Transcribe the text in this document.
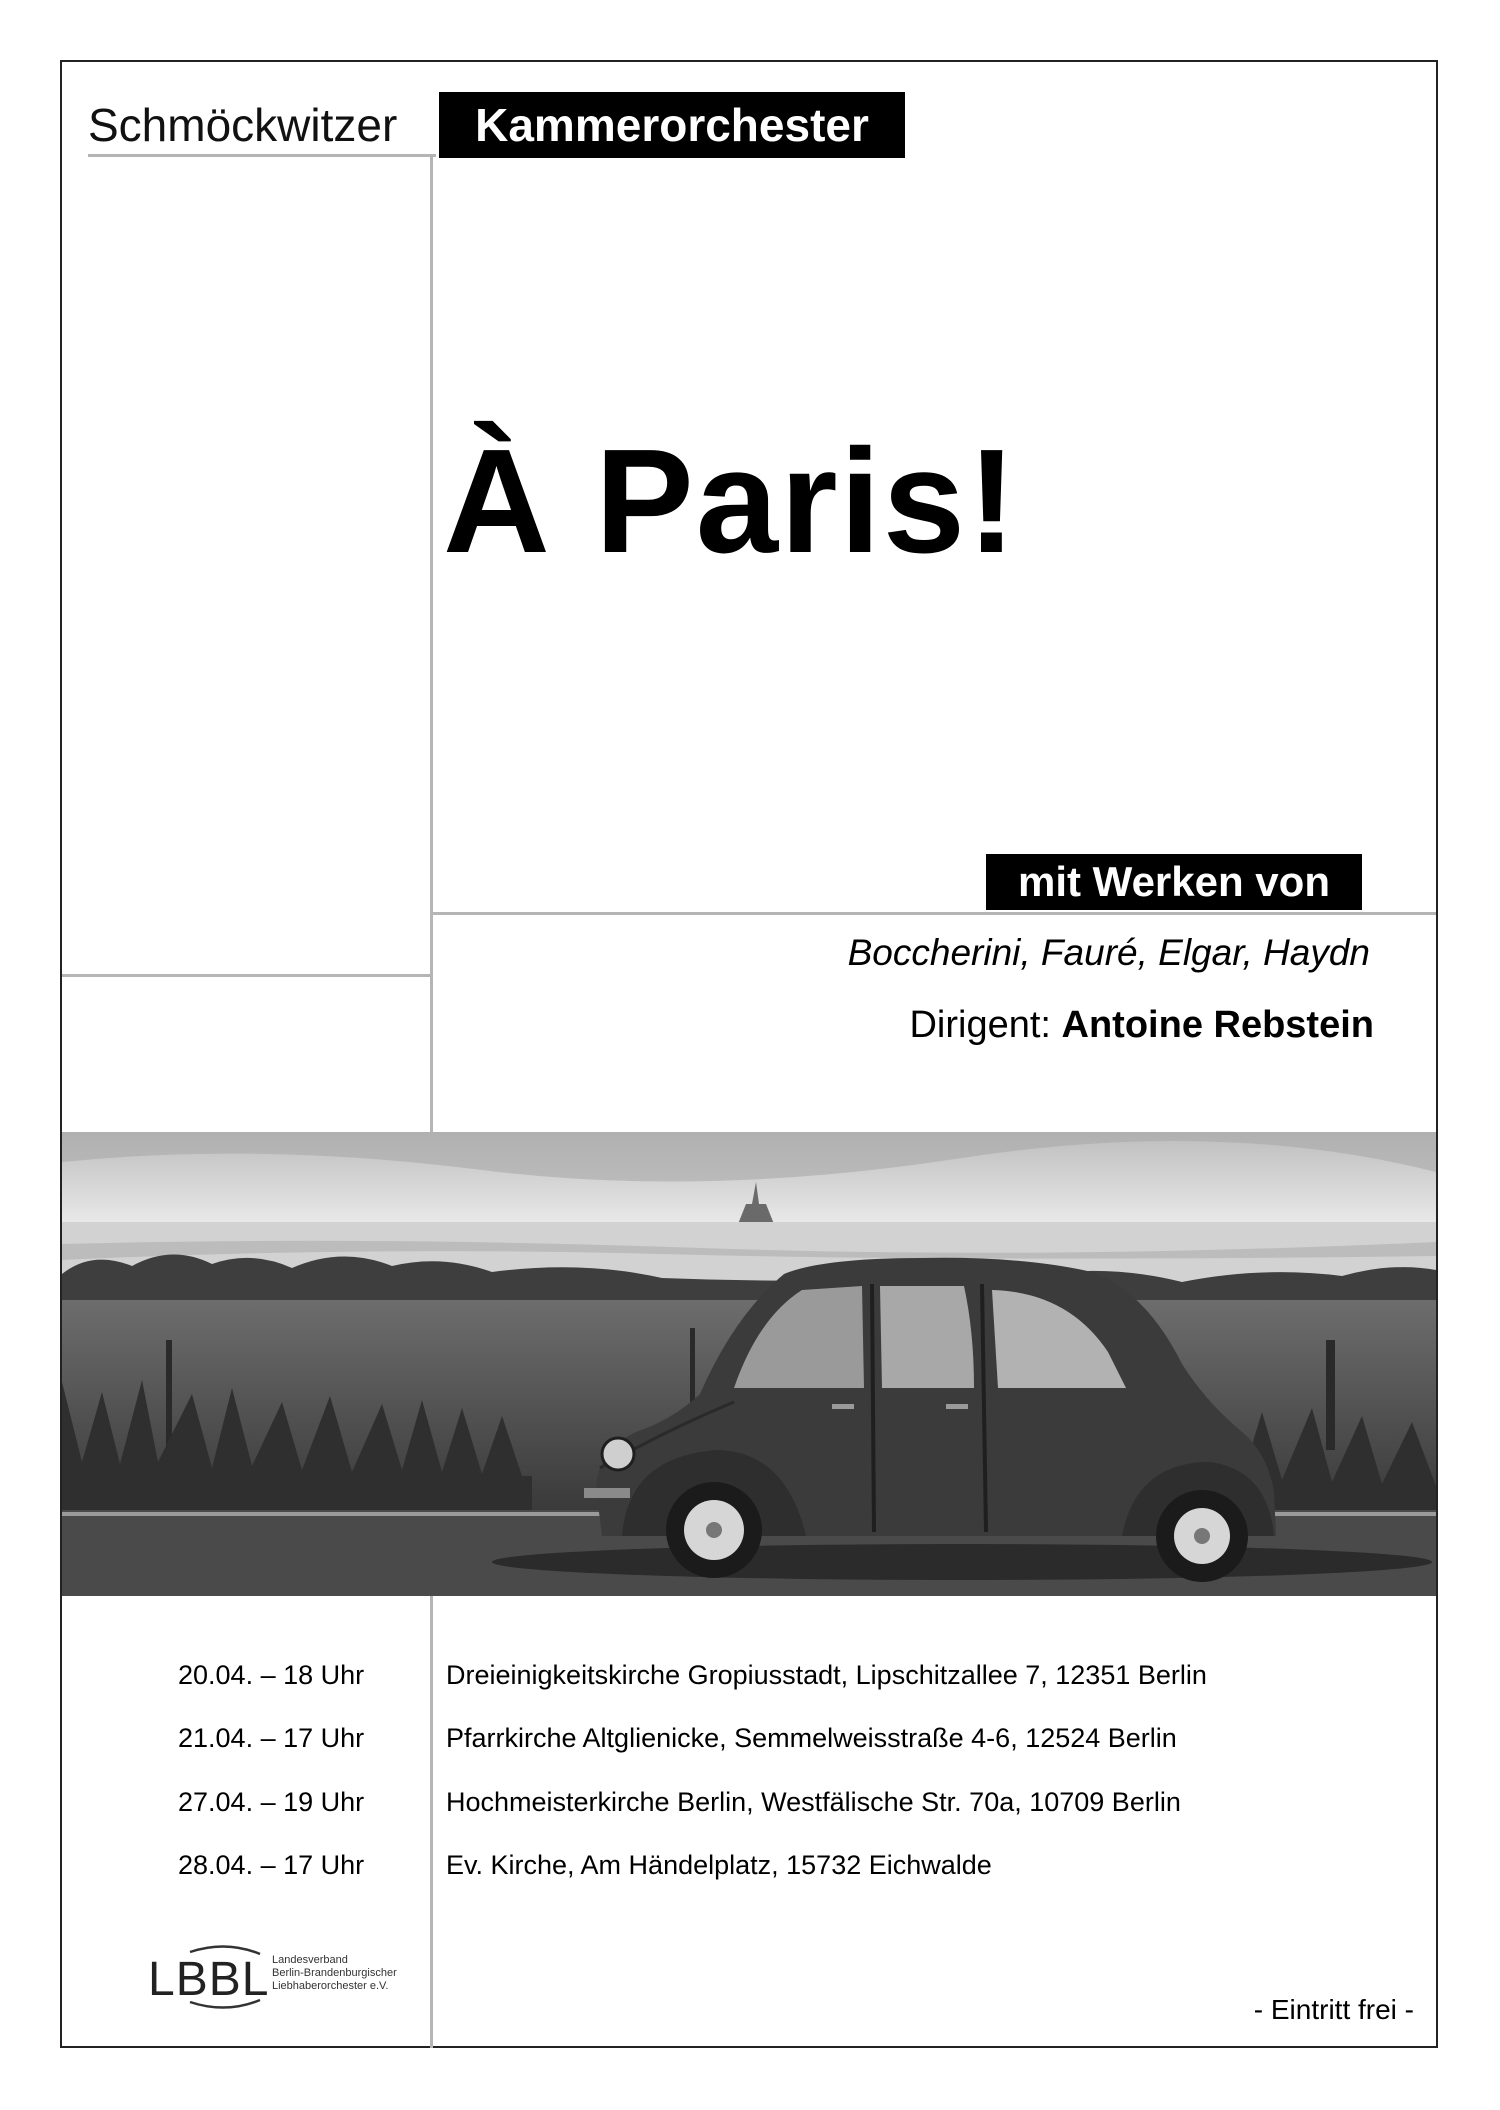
Schmöckwitzer	Kammerorchester
À Paris!
mit Werken von
Boccherini, Fauré, Elgar, Haydn
Dirigent: Antoine Rebstein
20.04. – 18 Uhr	Dreieinigkeitskirche Gropiusstadt, Lipschitzallee 7, 12351 Berlin
21.04. – 17 Uhr	Pfarrkirche Altglienicke, Semmelweisstraße 4-6, 12524 Berlin
27.04. – 19 Uhr	Hochmeisterkirche Berlin, Westfälische Str. 70a, 10709 Berlin
28.04. – 17 Uhr	Ev. Kirche, Am Händelplatz, 15732 Eichwalde
LBBL Landesverband
Berlin-Brandenburgischer
Liebhaberorchester e.V.
- Eintritt frei -
